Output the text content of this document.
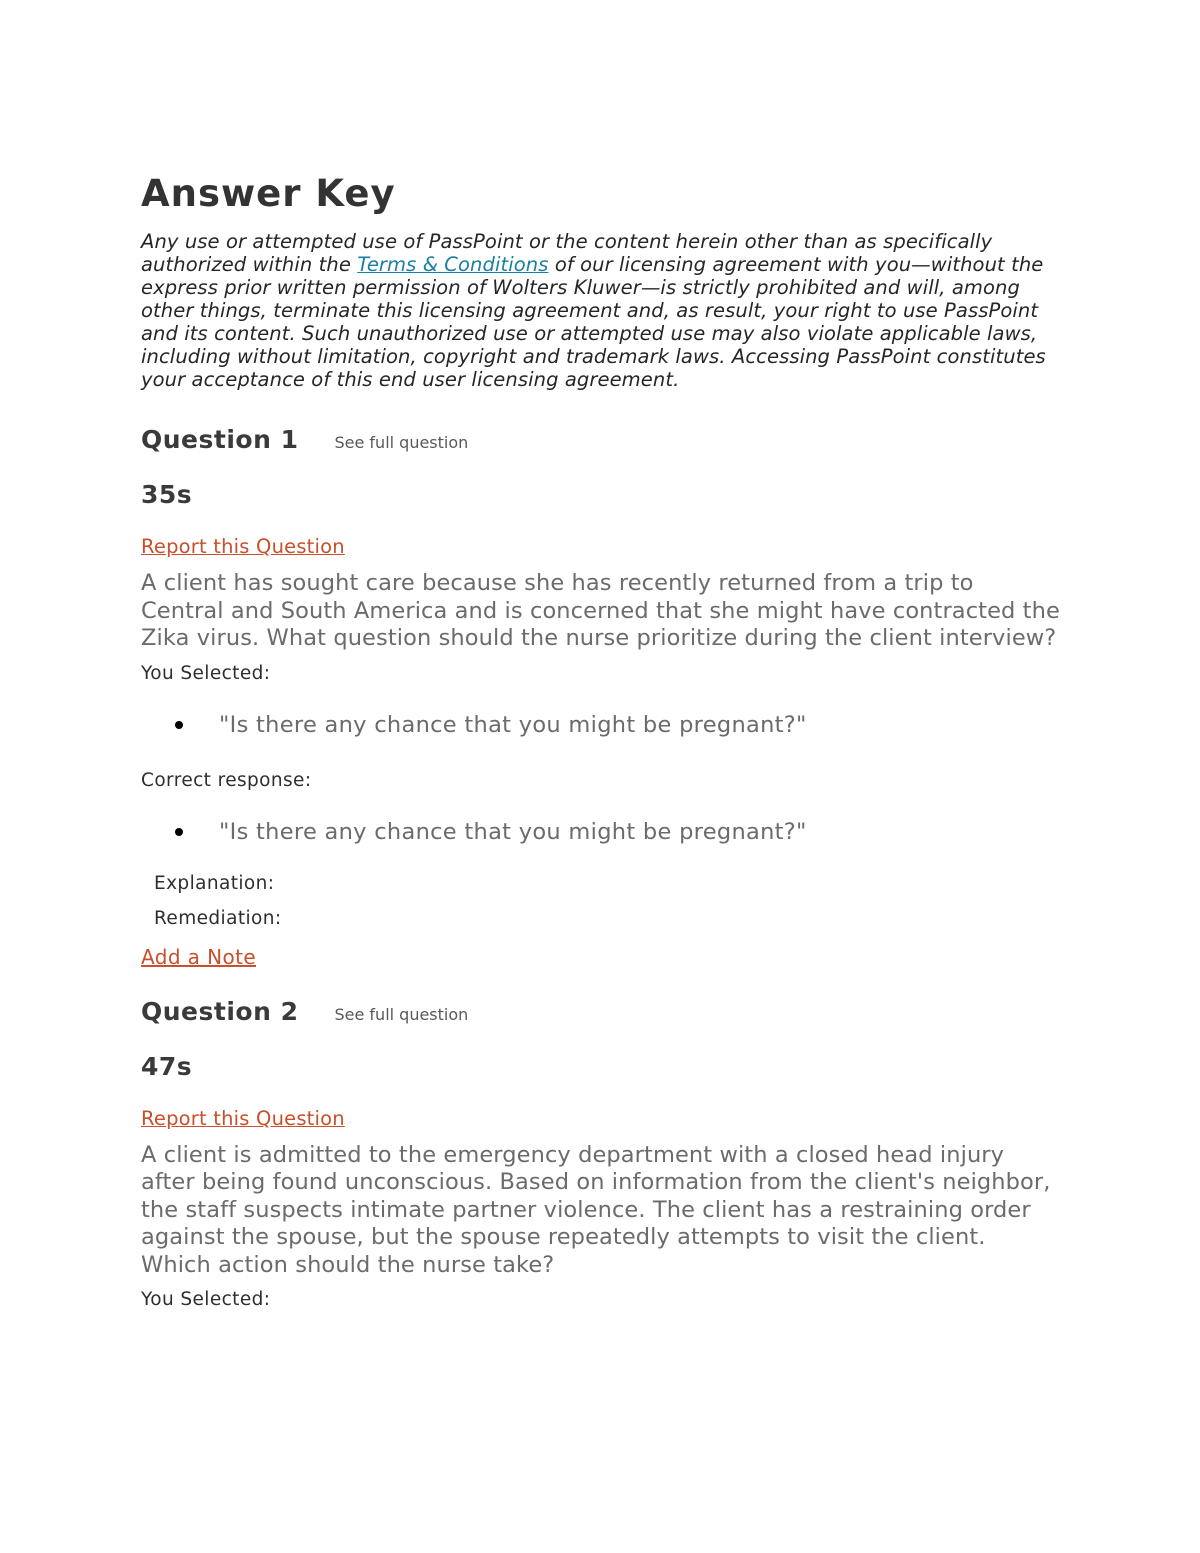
Answer Key
Any use or attempted use of PassPoint or the content herein other than as specifically authorized within the Terms & Conditions of our licensing agreement with you—without the express prior written permission of Wolters Kluwer—is strictly prohibited and will, among other things, terminate this licensing agreement and, as result, your right to use PassPoint and its content. Such unauthorized use or attempted use may also violate applicable laws, including without limitation, copyright and trademark laws. Accessing PassPoint constitutes your acceptance of this end user licensing agreement.
Question 1 See full question
35s
Report this Question
A client has sought care because she has recently returned from a trip to Central and South America and is concerned that she might have contracted the Zika virus. What question should the nurse prioritize during the client interview?
You Selected:
"Is there any chance that you might be pregnant?"
Correct response:
"Is there any chance that you might be pregnant?"
Explanation:
Remediation:
Add a Note
Question 2 See full question
47s
Report this Question
A client is admitted to the emergency department with a closed head injury after being found unconscious. Based on information from the client's neighbor, the staff suspects intimate partner violence. The client has a restraining order against the spouse, but the spouse repeatedly attempts to visit the client. Which action should the nurse take?
You Selected:
